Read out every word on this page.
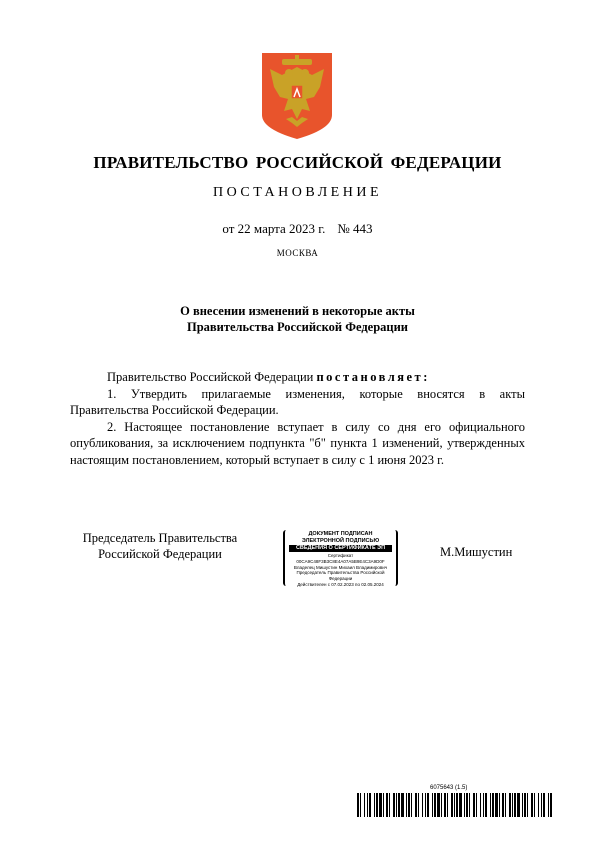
ПРАВИТЕЛЬСТВО РОССИЙСКОЙ ФЕДЕРАЦИИ
ПОСТАНОВЛЕНИЕ
от 22 марта 2023 г. № 443
МОСКВА
О внесении изменений в некоторые акты
Правительства Российской Федерации

Правительство Российской Федерации постановляет:

1. Утвердить прилагаемые изменения, которые вносятся в акты Правительства Российской Федерации.

2. Настоящее постановление вступает в силу со дня его официального опубликования, за исключением подпункта "б" пункта 1 изменений, утвержденных настоящим постановлением, который вступает в силу с 1 июня 2023 г.

Председатель Правительства
Российской Федерации
ДОКУМЕНТ ПОДПИСАН
ЭЛЕКТРОННОЙ ПОДПИСЬЮ
СВЕДЕНИЯ О СЕРТИФИКАТЕ ЭП
Сертификат 00CA9C48F3B3C8E4A07A5B9E4C3A9D0F
Владелец Мишустин Михаил Владимирович
Председатель Правительства Российской Федерации
Действителен с 07.02.2023 по 02.05.2024
М.Мишустин
6075643 (1.5)
